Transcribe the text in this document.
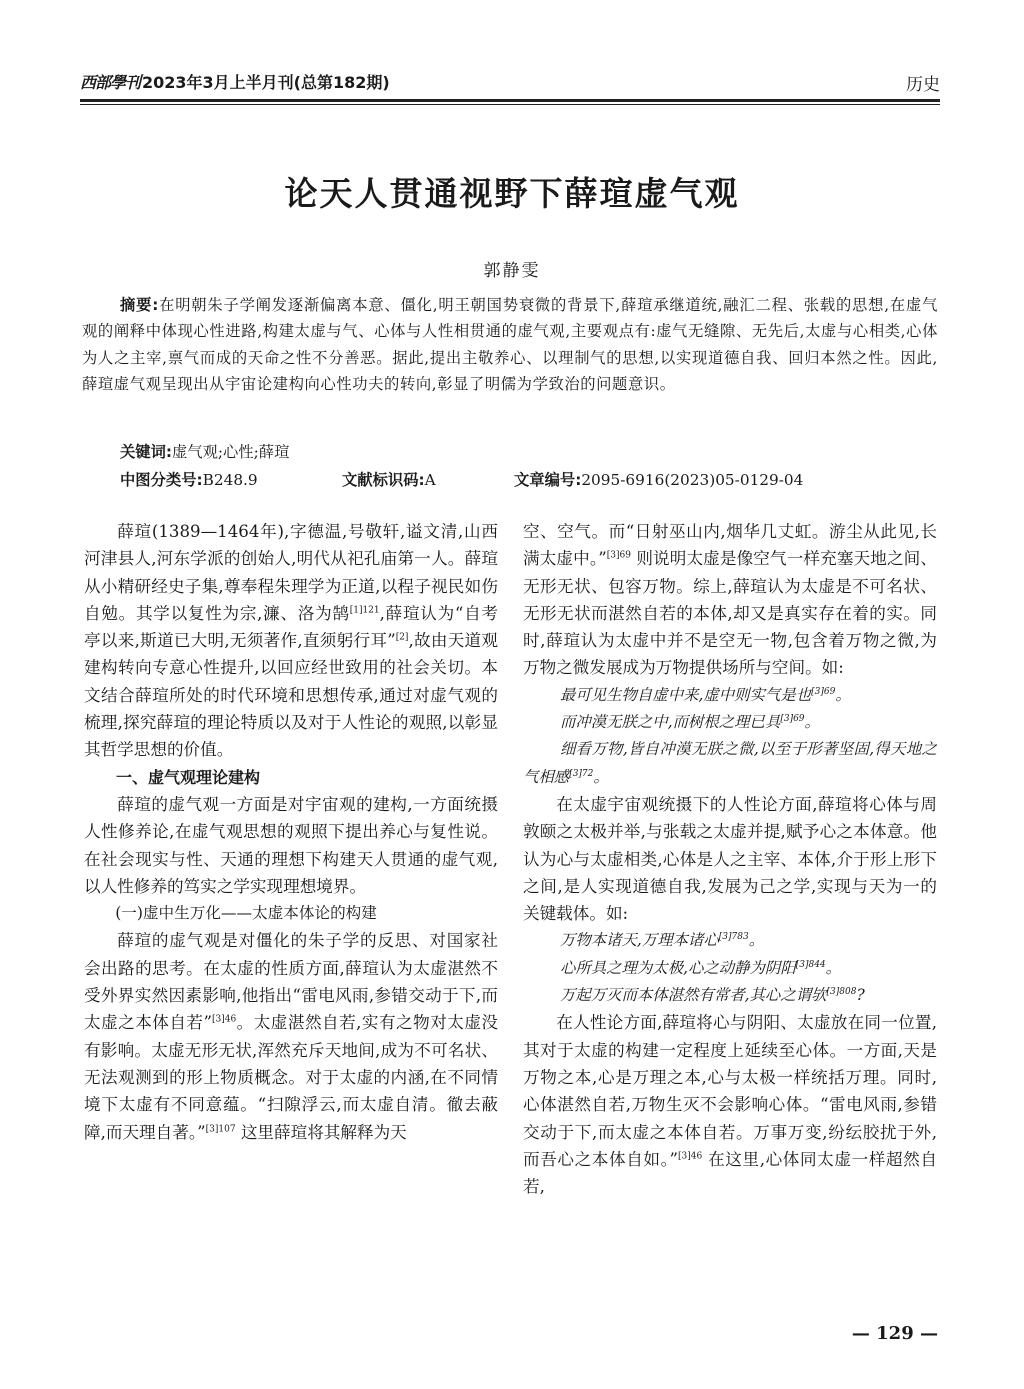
西部學刊 2023年3月上半月刊(总第182期)	历史
论天人贯通视野下薛瑄虚气观
郭静雯
摘要:在明朝朱子学阐发逐渐偏离本意、僵化,明王朝国势衰微的背景下,薛瑄承继道统,融汇二程、张载的思想,在虚气观的阐释中体现心性进路,构建太虚与气、心体与人性相贯通的虚气观,主要观点有:虚气无缝隙、无先后,太虚与心相类,心体为人之主宰,禀气而成的天命之性不分善恶。据此,提出主敬养心、以理制气的思想,以实现道德自我、回归本然之性。因此,薛瑄虚气观呈现出从宇宙论建构向心性功夫的转向,彰显了明儒为学致治的问题意识。
关键词:虚气观;心性;薛瑄
中图分类号:B248.9	文献标识码:A	文章编号:2095-6916(2023)05-0129-04

薛瑄(1389—1464年),字德温,号敬轩,谥文清,山西河津县人,河东学派的创始人,明代从祀孔庙第一人。薛瑄从小精研经史子集,尊奉程朱理学为正道,以程子视民如伤自勉。其学以复性为宗,濂、洛为鹄$^{[1]121}$,薛瑄认为“自考亭以来,斯道已大明,无须著作,直须躬行耳”[2],故由天道观建构转向专意心性提升,以回应经世致用的社会关切。本文结合薛瑄所处的时代环境和思想传承,通过对虚气观的梳理,探究薛瑄的理论特质以及对于人性论的观照,以彰显其哲学思想的价值。

一、虚气观理论建构

薛瑄的虚气观一方面是对宇宙观的建构,一方面统摄人性修养论,在虚气观思想的观照下提出养心与复性说。在社会现实与性、天通的理想下构建天人贯通的虚气观,以人性修养的笃实之学实现理想境界。

(一)虚中生万化——太虚本体论的构建

薛瑄的虚气观是对僵化的朱子学的反思、对国家社会出路的思考。在太虚的性质方面,薛瑄认为太虚湛然不受外界实然因素影响,他指出“雷电风雨,参错交动于下,而太虚之本体自若”$^{[3]46}$。太虚湛然自若,实有之物对太虚没有影响。太虚无形无状,浑然充斥天地间,成为不可名状、无法观测到的形上物质概念。对于太虚的内涵,在不同情境下太虚有不同意蕴。“扫隙浮云,而太虚自清。徹去蔽障,而天理自著。”$^{[3]107}$ 这里薛瑄将其解释为天

空、空气。而“日射巫山内,烟华几丈虹。游尘从此见,长满太虚中。”$^{[3]69}$ 则说明太虚是像空气一样充塞天地之间、无形无状、包容万物。综上,薛瑄认为太虚是不可名状、无形无状而湛然自若的本体,却又是真实存在着的实。同时,薛瑄认为太虚中并不是空无一物,包含着万物之微,为万物之微发展成为万物提供场所与空间。如:

最可见生物自虚中来,虚中则实气是也$^{[3]69}$。

而冲漠无朕之中,而树根之理已具$^{[3]69}$。

细看万物,皆自冲漠无朕之微,以至于形著坚固,得天地之气相感$^{[3]72}$。

在太虚宇宙观统摄下的人性论方面,薛瑄将心体与周敦颐之太极并举,与张载之太虚并提,赋予心之本体意。他认为心与太虚相类,心体是人之主宰、本体,介于形上形下之间,是人实现道德自我,发展为己之学,实现与天为一的关键载体。如:

万物本诸天,万理本诸心$^{[3]783}$。

心所具之理为太极,心之动静为阴阳$^{[3]844}$。

万起万灭而本体湛然有常者,其心之谓欤$^{[3]808}$?

在人性论方面,薛瑄将心与阴阳、太虚放在同一位置,其对于太虚的构建一定程度上延续至心体。一方面,天是万物之本,心是万理之本,心与太极一样统括万理。同时,心体湛然自若,万物生灭不会影响心体。“雷电风雨,参错交动于下,而太虚之本体自若。万事万变,纷纭胶扰于外,而吾心之本体自如。”$^{[3]46}$ 在这里,心体同太虚一样超然自若,

— 129 —
